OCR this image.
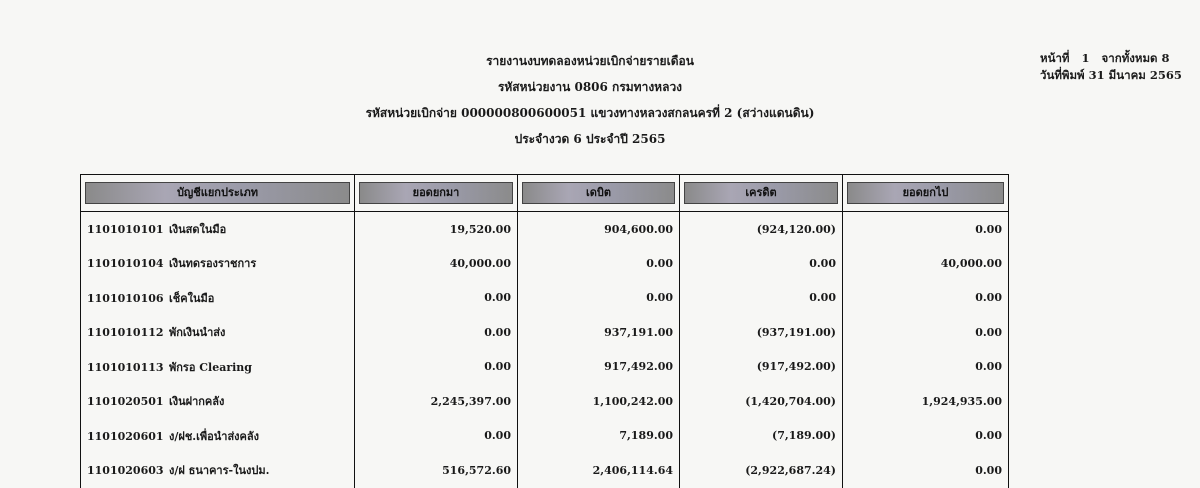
รายงานงบทดลองหน่วยเบิกจ่ายรายเดือน
รหัสหน่วยงาน 0806 กรมทางหลวง
รหัสหน่วยเบิกจ่าย 000000800600051 แขวงทางหลวงสกลนครที่ 2 (สว่างแดนดิน)
ประจำงวด 6 ประจำปี 2565
หน้าที่ 1 จากทั้งหมด 8
วันที่พิมพ์ 31 มีนาคม 2565
บัญชีแยกประเภท	ยอดยกมา	เดบิต	เครดิต	ยอดยกไป

1101010101 เงินสดในมือ	19,520.00	904,600.00	(924,120.00)	0.00
1101010104 เงินทดรองราชการ	40,000.00	0.00	0.00	40,000.00
1101010106 เช็คในมือ	0.00	0.00	0.00	0.00
1101010112 พักเงินนำส่ง	0.00	937,191.00	(937,191.00)	0.00
1101010113 พักรอ Clearing	0.00	917,492.00	(917,492.00)	0.00
1101020501 เงินฝากคลัง	2,245,397.00	1,100,242.00	(1,420,704.00)	1,924,935.00
1101020601 ง/ฝช.เพื่อนำส่งคลัง	0.00	7,189.00	(7,189.00)	0.00
1101020603 ง/ฝ ธนาคาร-ในงปม.	516,572.60	2,406,114.64	(2,922,687.24)	0.00
